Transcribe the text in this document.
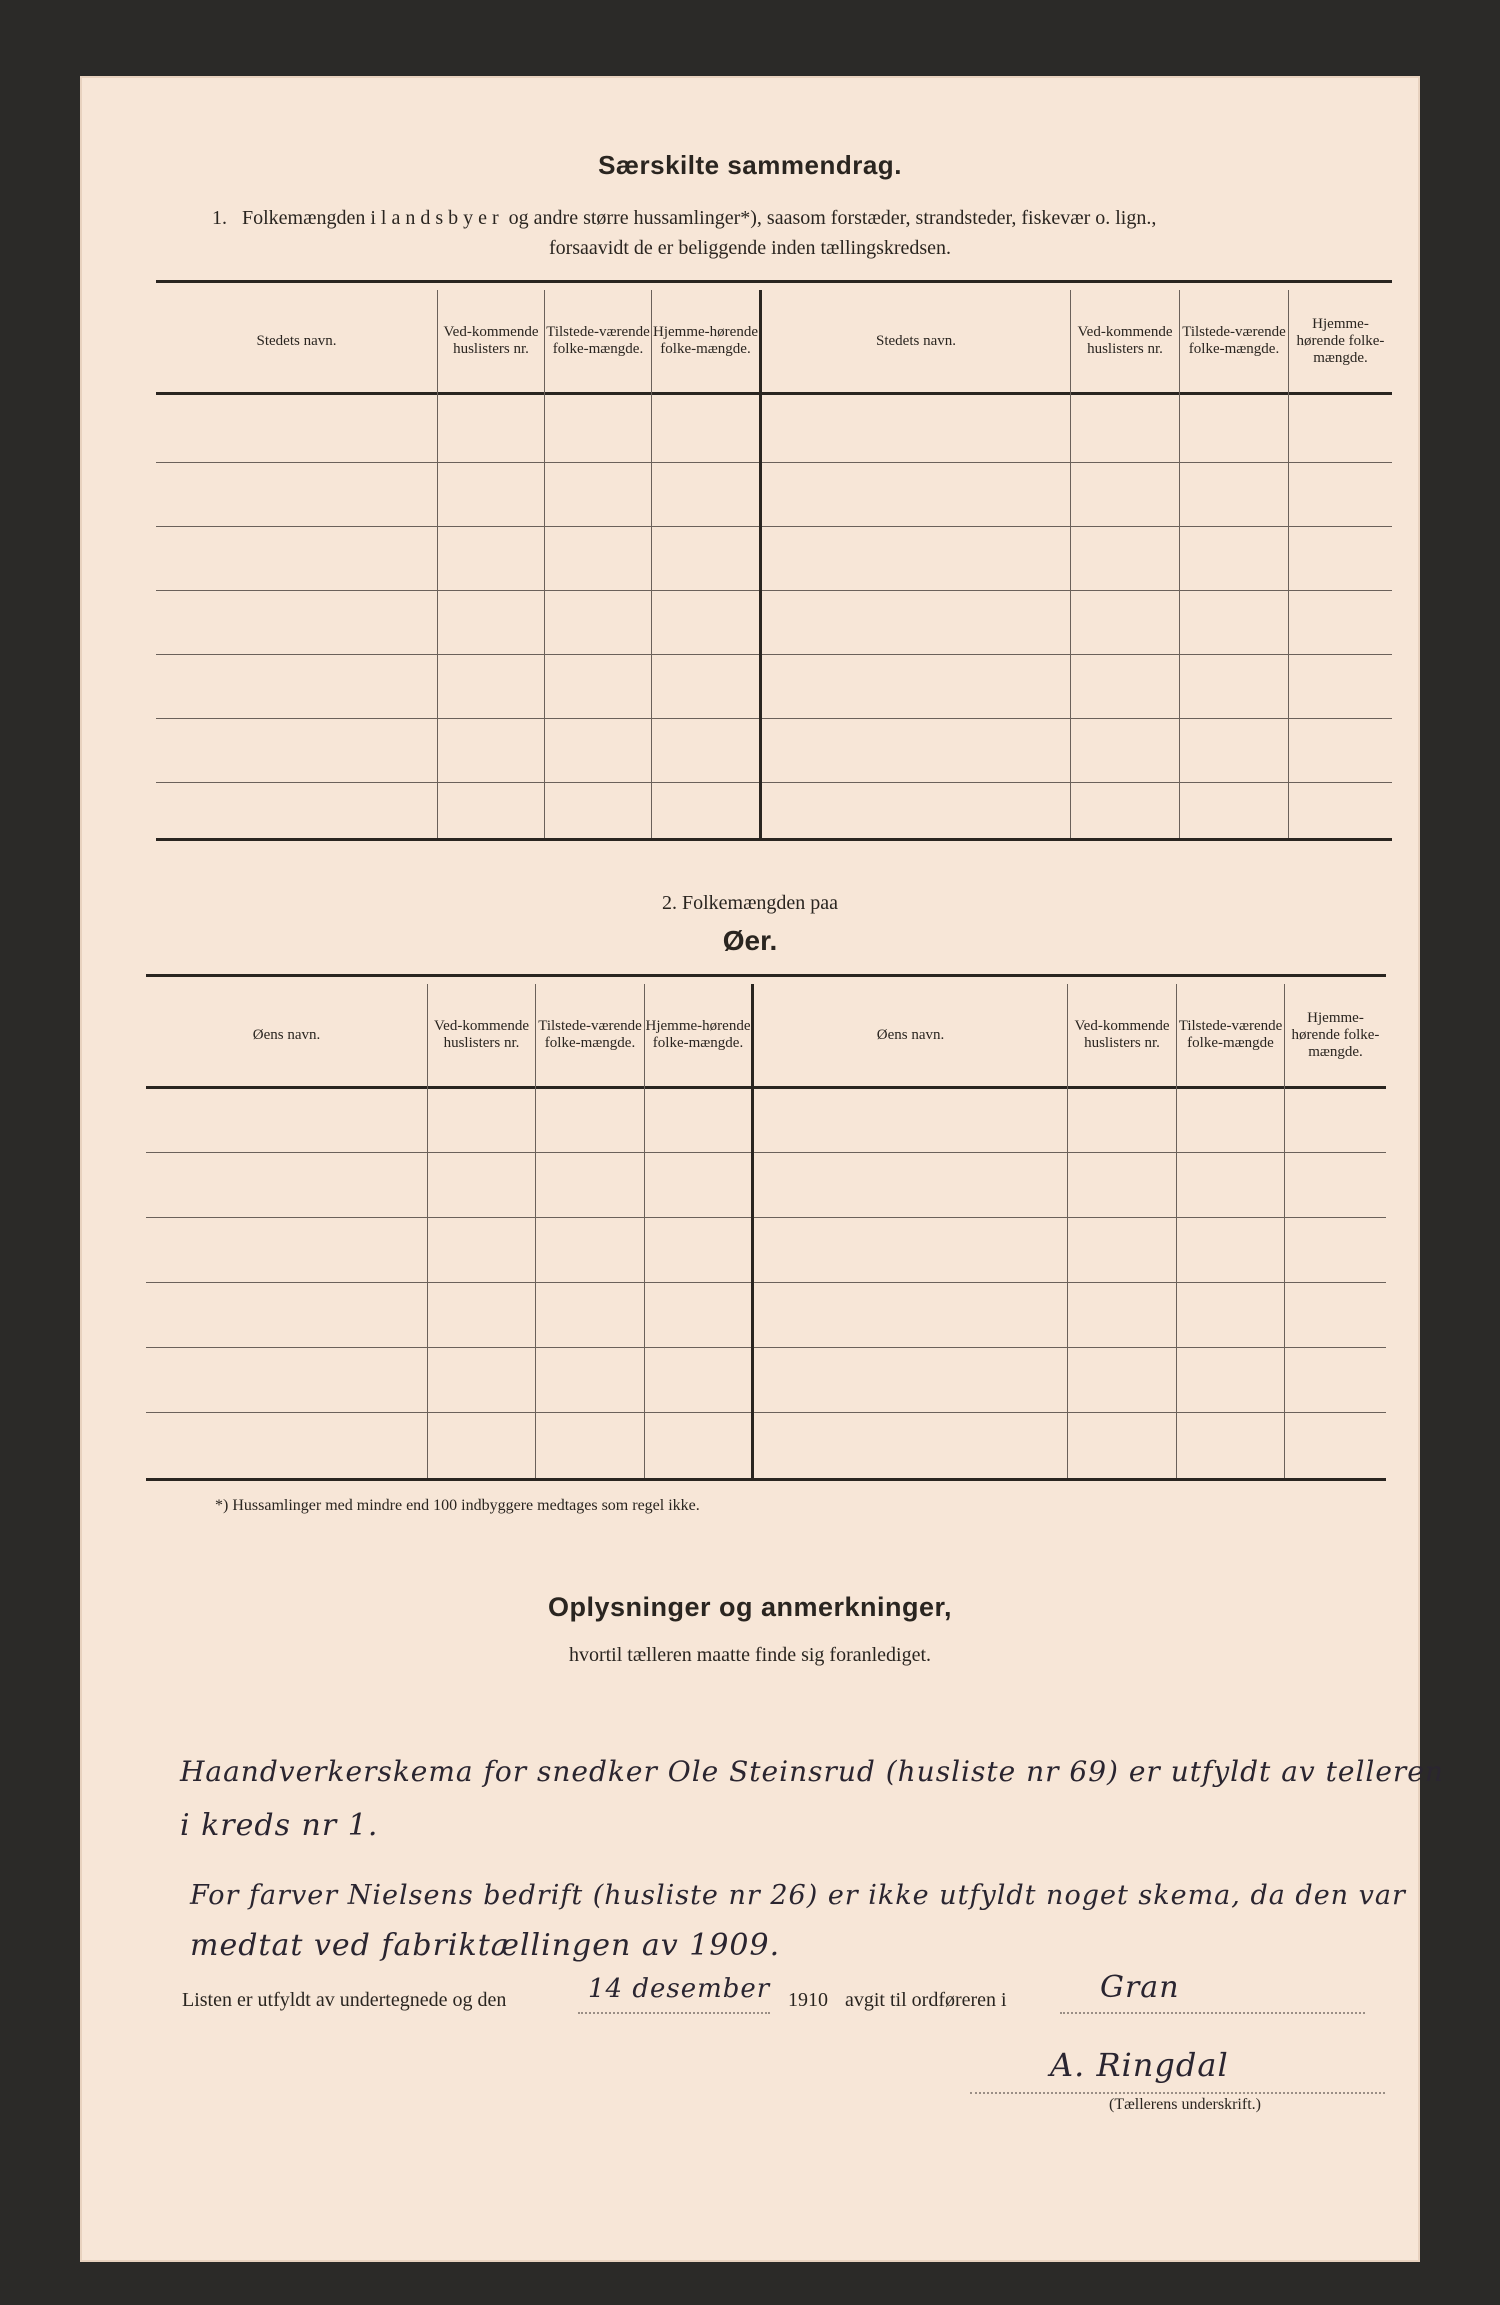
Særskilte sammendrag.
1. Folkemængden i landsbyer og andre større hussamlinger*), saasom forstæder, strandsteder, fiskevær o. lign.,
forsaavidt de er beliggende inden tællingskredsen.
Stedets navn.
Ved-kommende huslisters nr.
Tilstede-værende folke-mængde.
Hjemme-hørende folke-mængde.
Stedets navn.
Ved-kommende huslisters nr.
Tilstede-værende folke-mængde.
Hjemme-hørende folke-mængde.
2. Folkemængden paa
Øer.
Øens navn.
Ved-kommende huslisters nr.
Tilstede-værende folke-mængde.
Hjemme-hørende folke-mængde.
Øens navn.
Ved-kommende huslisters nr.
Tilstede-værende folke-mængde
Hjemme-hørende folke-mængde.
*) Hussamlinger med mindre end 100 indbyggere medtages som regel ikke.
Oplysninger og anmerkninger,
hvortil tælleren maatte finde sig foranlediget.
Haandverkerskema for snedker Ole Steinsrud (husliste nr 69) er utfyldt av telleren
i kreds nr 1.
For farver Nielsens bedrift (husliste nr 26) er ikke utfyldt noget skema, da den var
medtat ved fabriktællingen av 1909.
Listen er utfyldt av undertegnede og den	14 desember 1910 avgit til ordføreren i	Gran
A. Ringdal
(Tællerens underskrift.)
